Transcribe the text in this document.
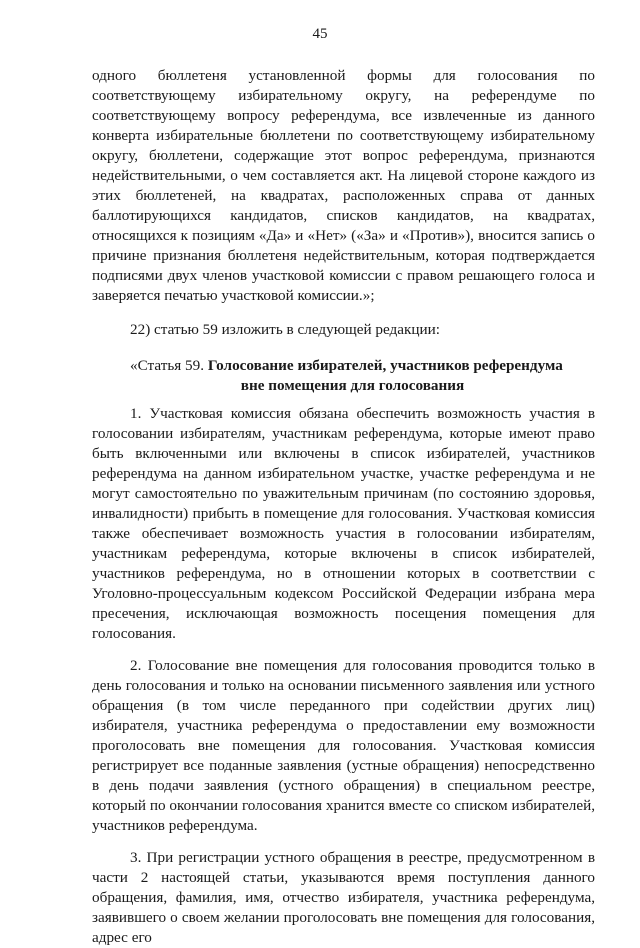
45

одного бюллетеня установленной формы для голосования по соответствующему избирательному округу, на референдуме по соответствующему вопросу референдума, все извлеченные из данного конверта избирательные бюллетени по соответствующему избирательному округу, бюллетени, содержащие этот вопрос референдума, признаются недействительными, о чем составляется акт. На лицевой стороне каждого из этих бюллетеней, на квадратах, расположенных справа от данных баллотирующихся кандидатов, списков кандидатов, на квадратах, относящихся к позициям «Да» и «Нет» («За» и «Против»), вносится запись о причине признания бюллетеня недействительным, которая подтверждается подписями двух членов участковой комиссии с правом решающего голоса и заверяется печатью участковой комиссии.»;

22) статью 59 изложить в следующей редакции:

«Статья 59. Голосование избирателей, участников референдума
вне помещения для голосования

1. Участковая комиссия обязана обеспечить возможность участия в голосовании избирателям, участникам референдума, которые имеют право быть включенными или включены в список избирателей, участников референдума на данном избирательном участке, участке референдума и не могут самостоятельно по уважительным причинам (по состоянию здоровья, инвалидности) прибыть в помещение для голосования. Участковая комиссия также обеспечивает возможность участия в голосовании избирателям, участникам референдума, которые включены в список избирателей, участников референдума, но в отношении которых в соответствии с Уголовно-процессуальным кодексом Российской Федерации избрана мера пресечения, исключающая возможность посещения помещения для голосования.

2. Голосование вне помещения для голосования проводится только в день голосования и только на основании письменного заявления или устного обращения (в том числе переданного при содействии других лиц) избирателя, участника референдума о предоставлении ему возможности проголосовать вне помещения для голосования. Участковая комиссия регистрирует все поданные заявления (устные обращения) непосредственно в день подачи заявления (устного обращения) в специальном реестре, который по окончании голосования хранится вместе со списком избирателей, участников референдума.

3. При регистрации устного обращения в реестре, предусмотренном в части 2 настоящей статьи, указываются время поступления данного обращения, фамилия, имя, отчество избирателя, участника референдума, заявившего о своем желании проголосовать вне помещения для голосования, адрес его
